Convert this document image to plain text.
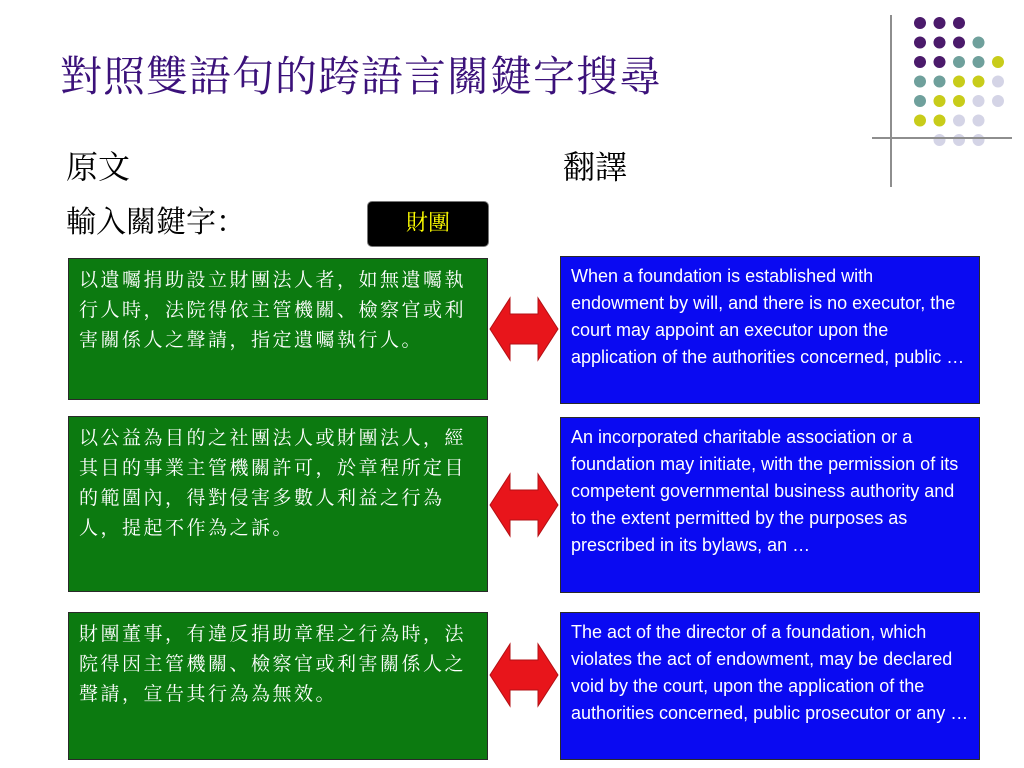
對照雙語句的跨語言關鍵字搜尋
原文	翻譯
輸入關鍵字：	財團
以遺囑捐助設立財團法人者，如無遺囑執行人時，法院得依主管機關、檢察官或利害關係人之聲請，指定遺囑執行人。
When a foundation is established with endowment by will, and there is no executor, the court may appoint an executor upon the application of the authorities concerned, public …
以公益為目的之社團法人或財團法人，經其目的事業主管機關許可，於章程所定目的範圍內，得對侵害多數人利益之行為人，提起不作為之訴。
An incorporated charitable association or a foundation may initiate, with the permission of its competent governmental business authority and to the extent permitted by the purposes as prescribed in its bylaws, an …
財團董事，有違反捐助章程之行為時，法院得因主管機關、檢察官或利害關係人之聲請，宣告其行為為無效。
The act of the director of a foundation, which violates the act of endowment, may be declared void by the court, upon the application of the authorities concerned, public prosecutor or any …
